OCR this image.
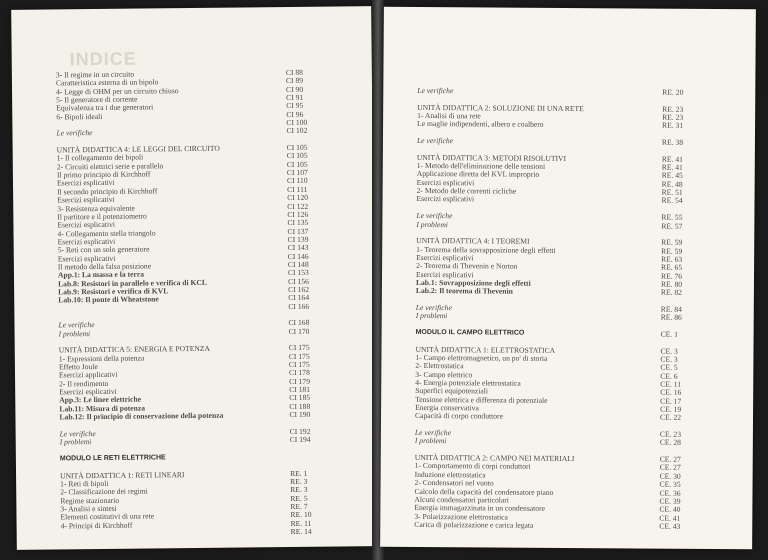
INDICE
3- Il regime in un circuito	CI 88
Caratteristica esterna di un bipolo	CI 89
4- Legge di OHM per un circuito chiuso	CI 90
5- Il generatore di corrente	CI 91
Equivalenza tra i due generatori	CI 95
6- Bipoli ideali	CI 96
CI 100
Le verifiche	CI 102
UNITÀ DIDATTICA 4: LE LEGGI DEL CIRCUITO	CI 105
1- Il collegamento dei bipoli	CI 105
2- Circuiti elettrici serie e parallelo	CI 105
Il primo principio di Kirchhoff	CI 107
Esercizi esplicativi	CI 110
Il secondo principio di Kirchhoff	CI 111
Esercizi esplicativi	CI 120
3- Resistenza equivalente	CI 122
Il partitore e il potenziometro	CI 126
Esercizi esplicativi	CI 135
4- Collegamento stella triangolo	CI 137
Esercizi esplicativi	CI 139
5- Reti con un solo generatore	CI 143
Esercizi esplicativi	CI 146
Il metodo della falsa posizione	CI 148
App.1: La massa e la terra	CI 153
Lab.8: Resistori in parallelo e verifica di KCL	CI 156
Lab.9: Resistori e verifica di KVL	CI 162
Lab.10: Il ponte di Wheatstone	CI 164
CI 166
Le verifiche	CI 168
I problemi	CI 170
UNITÀ DIDATTICA 5: ENERGIA E POTENZA	CI 175
1- Espressioni della potenza	CI 175
Effetto Joule	CI 175
Esercizi applicativi	CI 178
2- Il rendimento	CI 179
Esercizi esplicativi	CI 181
App.3: Le linee elettriche	CI 185
Lab.11: Misura di potenza	CI 188
Lab.12: Il principio di conservazione della potenza	CI 190
Le verifiche	CI 192
I problemi	CI 194
MODULO LE RETI ELETTRICHE
UNITÀ DIDATTICA 1: RETI LINEARI	RE. 1
1- Reti di bipoli	RE. 3
2- Classificazione dei regimi	RE. 3
Regime stazionario	RE. 5
3- Analisi e sintesi	RE. 7
Elementi costitutivi di una rete	RE. 10
4- Principi di Kirchhoff	RE. 11
RE. 14
Le verifiche	RE. 20
UNITÀ DIDATTICA 2: SOLUZIONE DI UNA RETE	RE. 23
1- Analisi di una rete	RE. 23
Le maglie indipendenti, albero e coalbero	RE. 31
Le verifiche	RE. 38
UNITÀ DIDATTICA 3: METODI RISOLUTIVI	RE. 41
1- Metodo dell'eliminazione delle tensioni	RE. 41
Applicazione diretta del KVL improprio	RE. 45
Esercizi esplicativi	RE. 48
2- Metodo delle correnti cicliche	RE. 51
Esercizi esplicativi	RE. 54
Le verifiche	RE. 55
I problemi	RE. 57
UNITÀ DIDATTICA 4: I TEOREMI	RE. 59
1- Teorema della sovrapposizione degli effetti	RE. 59
Esercizi esplicativi	RE. 63
2- Teorema di Thevenin e Norton	RE. 65
Esercizi esplicativi	RE. 76
Lab.1: Sovrapposizione degli effetti	RE. 80
Lab.2: Il teorema di Thevenin	RE. 82
Le verifiche	RE. 84
I problemi	RE. 86
MODULO IL CAMPO ELETTRICO	CE. 1
UNITÀ DIDATTICA 1: ELETTROSTATICA	CE. 3
1- Campo elettromagnetico, un po' di storia	CE. 3
2- Elettrostatica	CE. 5
3- Campo elettrico	CE. 6
4- Energia potenziale elettrostatica	CE. 11
Superfici equipotenziali	CE. 16
Tensione elettrica e differenza di potenziale	CE. 17
Energia conservativa	CE. 19
Capacità di corpo conduttore	CE. 22
Le verifiche	CE. 23
I problemi	CE. 28
UNITÀ DIDATTICA 2: CAMPO NEI MATERIALI	CE. 27
1- Comportamento di corpi conduttori	CE. 27
Induzione elettrostatica	CE. 30
2- Condensatori nel vuoto	CE. 35
Calcolo della capacità del condensatore piano	CE. 36
Alcuni condensatori particolari	CE. 39
Energia immagazzinata in un condensatore	CE. 40
3- Polarizzazione elettrostatica	CE. 41
Carica di polarizzazione e carica legata	CE. 43
